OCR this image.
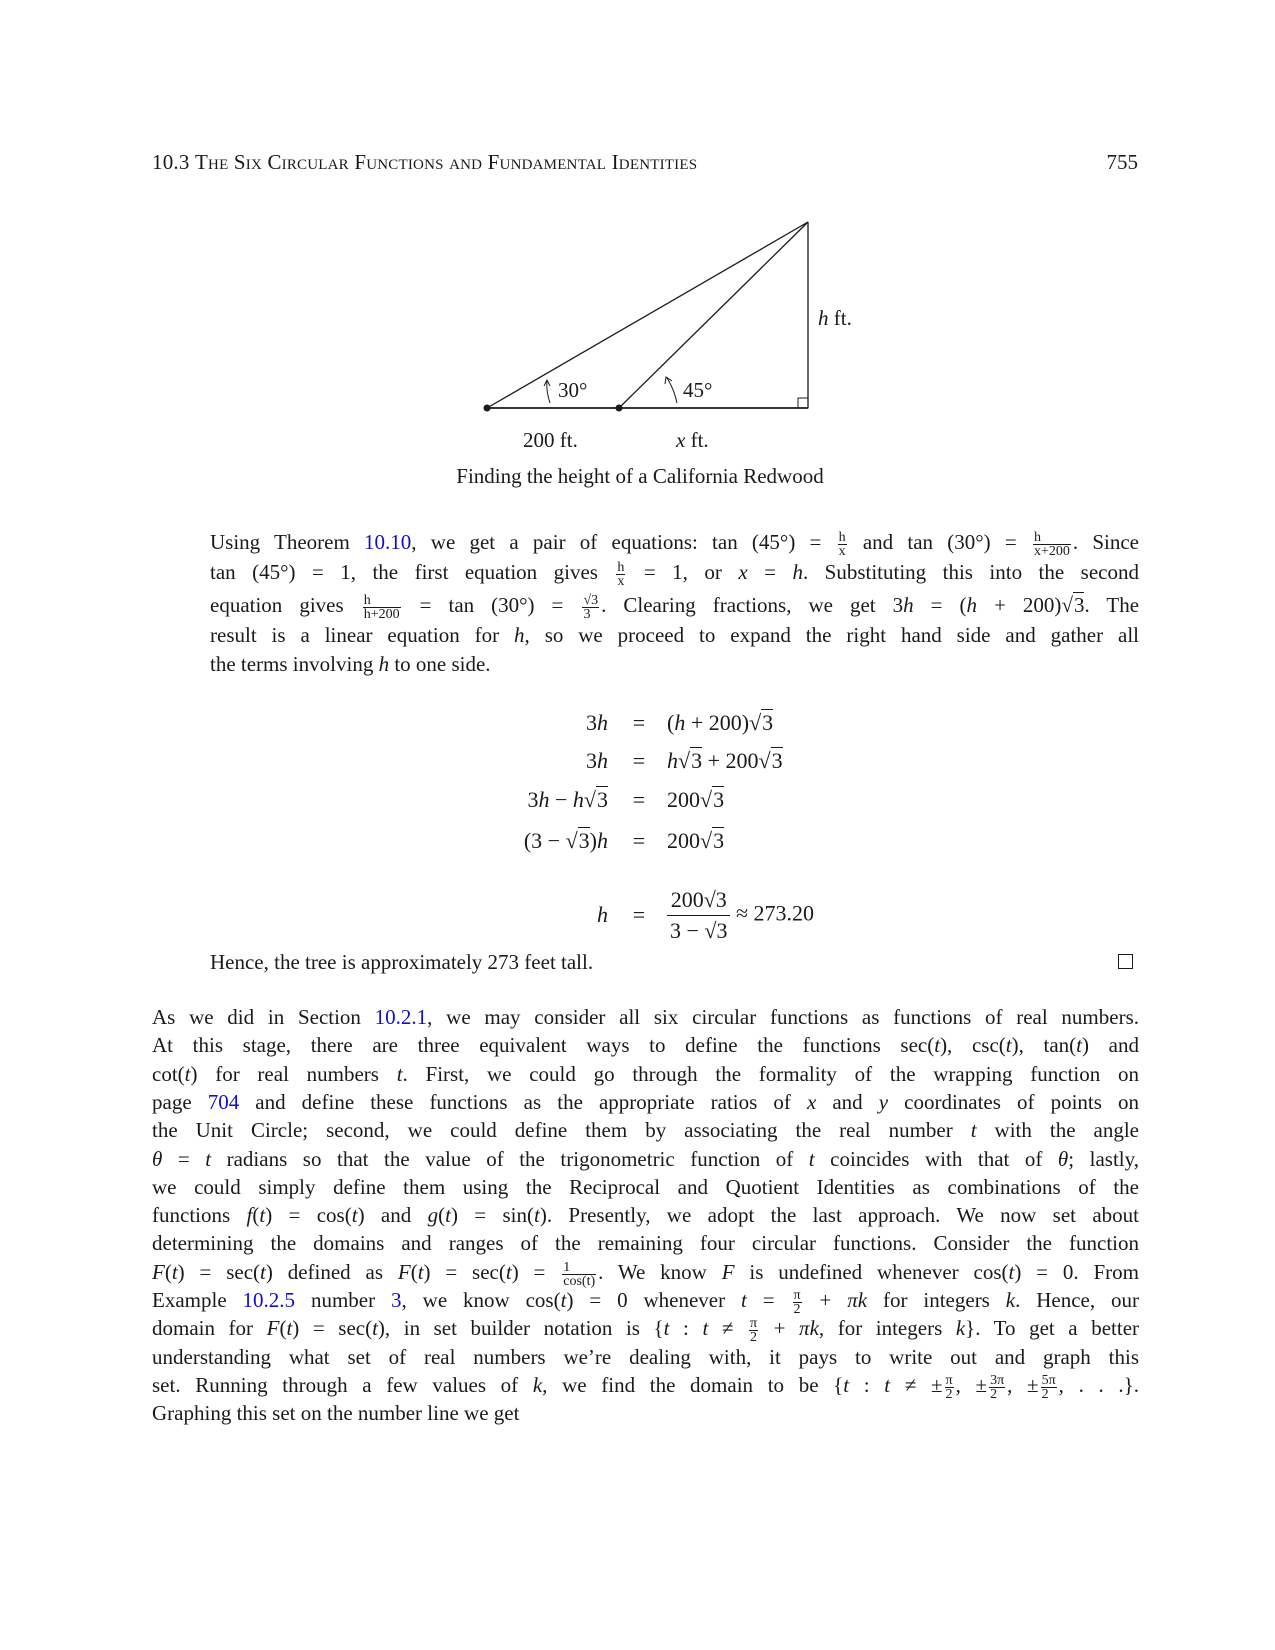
10.3 The Six Circular Functions and Fundamental Identities	755
30°	45°
h ft.
200 ft.	x ft.
Finding the height of a California Redwood
Using Theorem 10.10, we get a pair of equations: $\tan (45^\circ) = \frac{h}{x}$ and $\tan (30^\circ) = \frac{h}{x+200}$ . Since
tan (45°) = 1, the first equation gives $\frac{h}{x} = 1$, or x = h. Substituting this into the second
equation gives $\frac{h}{h+200} = \tan (30^\circ) = \frac{√3}{3}$ . Clearing fractions, we get 3h = (h + 200)√3. The
result is a linear equation for h, so we proceed to expand the right hand side and gather all
the terms involving h to one side.
3h = (h + 200)√3
3h = h√3 + 200√3
3h − h√3 = 200√3
(3 − √3)h = 200√3
$h = \frac{200√3}{3 - √3} \approx 273.20$
Hence, the tree is approximately 273 feet tall.
As we did in Section 10.2.1, we may consider all six circular functions as functions of real numbers.
At this stage, there are three equivalent ways to define the functions sec(t), csc(t), tan(t) and
cot(t) for real numbers t. First, we could go through the formality of the wrapping function on
page 704 and define these functions as the appropriate ratios of x and y coordinates of points on
the Unit Circle; second, we could define them by associating the real number t with the angle
θ = t radians so that the value of the trigonometric function of t coincides with that of θ; lastly,
we could simply define them using the Reciprocal and Quotient Identities as combinations of the
functions f(t) = cos(t) and g(t) = sin(t). Presently, we adopt the last approach. We now set about
determining the domains and ranges of the remaining four circular functions. Consider the function
F(t) = sec(t) defined as $F(t) = \sec(t) = \frac{1}{\cos(t)}$ . We know F is undefined whenever cos(t) = 0. From
Example 10.2.5 number 3, we know cos(t) = 0 whenever $t = \frac{\pi}{2} + \pi k$ for integers k. Hence, our
domain for F(t) = sec(t), in set builder notation is {t : $t \ne \frac{\pi}{2} + \pi k$, for integers k}. To get a better
understanding what set of real numbers we’re dealing with, it pays to write out and graph this
set. Running through a few values of k, we find the domain to be {t : t ≠ ± $\frac{\pi}{2}$ , ± $\frac{3\pi}{2}$ , ± $\frac{5\pi}{2}$ , . . .}.
Graphing this set on the number line we get
